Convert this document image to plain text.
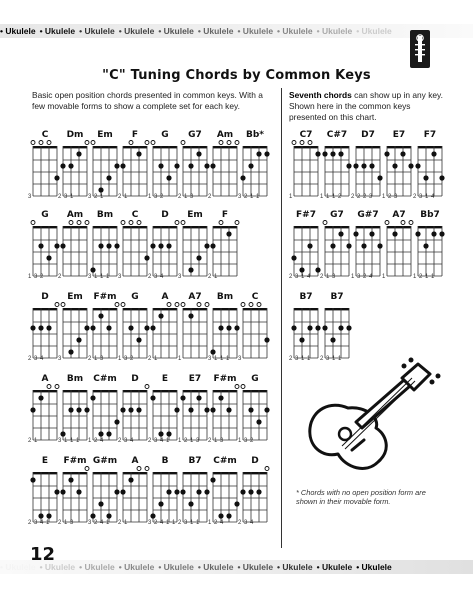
• Ukulele • Ukulele • Ukulele • Ukulele • Ukulele • Ukulele • Ukulele • Ukulele • Ukulele • Ukulele
"C" Tuning Chords by Common Keys
Basic open position chords presented in common keys. With a few movable forms to show a complete set for each key.
Seventh chords can show up in any key. Shown here in the common keys presented on this chart.
C
3
Dm
2 3 1
Em
3 2 1
F
2 1
G
1 3 2
G7
2 1 3
Am
2
Bb*
3 2 1 1
G
1 3 2
Am
2
Bm
3 1 1 1
C
3
D
2 3 4
Em
3
F
2 1
D
2 3 4
Em
3
F#m
2 1 3
G
1 3 2
A
2 1
A7
1
Bm
3 1 1 1
C
3
A
2 1
Bm
3 1 1 1
C#m
1 2 4
D
2 3 4
E
2 3 4 1
E7
1 2 1 3
F#m
2 1 3
G
1 3 2
E
2 3 4 1
F#m
2 1 3
G#m
3 2 4 1
A
2 1
B
3 2 4 1 1
B7
2 3 1 1
C#m
1 2 4
D
2 3 4
C7
1
C#7
1 1 1 2
D7
2 2 2 3
E7
1 2 3
F7
2 3 1 4
F#7
2 3 1 4
G7
2 1 3
G#7
1 3 2 4
A7
1
Bb7
1 2 1 1
B7
2 3 1 1
B7
2 3 1 1
* Chords with no open position form are shown in their movable form.
• Ukulele • Ukulele • Ukulele • Ukulele • Ukulele • Ukulele • Ukulele • Ukulele • Ukulele • Ukulele
12
